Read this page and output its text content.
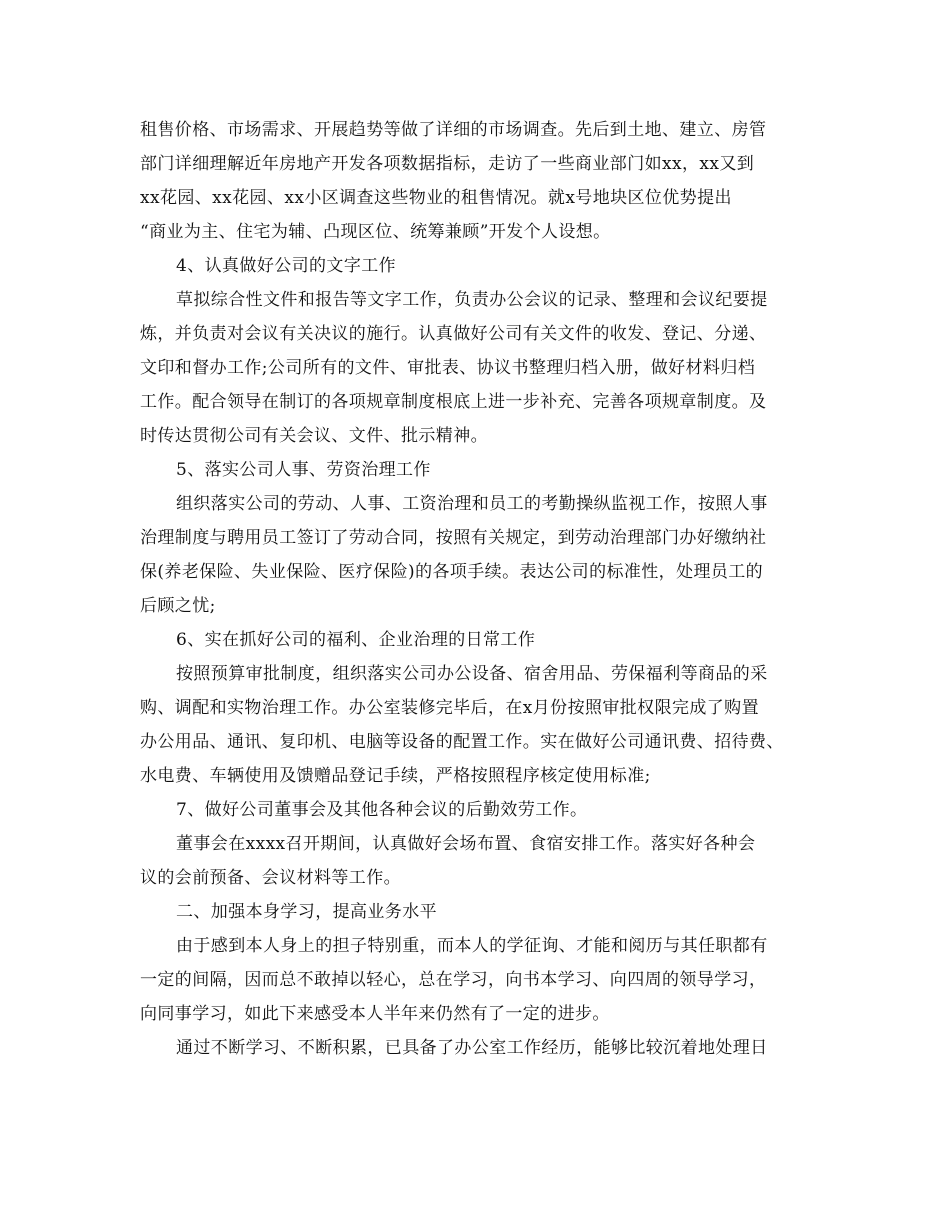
租售价格、市场需求、开展趋势等做了详细的市场调查。先后到土地、建立、房管
部门详细理解近年房地产开发各项数据指标，走访了一些商业部门如xx，xx又到
xx花园、xx花园、xx小区调查这些物业的租售情况。就x号地块区位优势提出
“商业为主、住宅为辅、凸现区位、统筹兼顾”开发个人设想。
4、认真做好公司的文字工作
草拟综合性文件和报告等文字工作，负责办公会议的记录、整理和会议纪要提
炼，并负责对会议有关决议的施行。认真做好公司有关文件的收发、登记、分递、
文印和督办工作;公司所有的文件、审批表、协议书整理归档入册，做好材料归档
工作。配合领导在制订的各项规章制度根底上进一步补充、完善各项规章制度。及
时传达贯彻公司有关会议、文件、批示精神。
5、落实公司人事、劳资治理工作
组织落实公司的劳动、人事、工资治理和员工的考勤操纵监视工作，按照人事
治理制度与聘用员工签订了劳动合同，按照有关规定，到劳动治理部门办好缴纳社
保(养老保险、失业保险、医疗保险)的各项手续。表达公司的标准性，处理员工的
后顾之忧;
6、实在抓好公司的福利、企业治理的日常工作
按照预算审批制度，组织落实公司办公设备、宿舍用品、劳保福利等商品的采
购、调配和实物治理工作。办公室装修完毕后，在x月份按照审批权限完成了购置
办公用品、通讯、复印机、电脑等设备的配置工作。实在做好公司通讯费、招待费、
水电费、车辆使用及馈赠品登记手续，严格按照程序核定使用标准;
7、做好公司董事会及其他各种会议的后勤效劳工作。
董事会在xxxx召开期间，认真做好会场布置、食宿安排工作。落实好各种会
议的会前预备、会议材料等工作。
二、加强本身学习，提高业务水平
由于感到本人身上的担子特别重，而本人的学征询、才能和阅历与其任职都有
一定的间隔，因而总不敢掉以轻心，总在学习，向书本学习、向四周的领导学习，
向同事学习，如此下来感受本人半年来仍然有了一定的进步。
通过不断学习、不断积累，已具备了办公室工作经历，能够比较沉着地处理日
